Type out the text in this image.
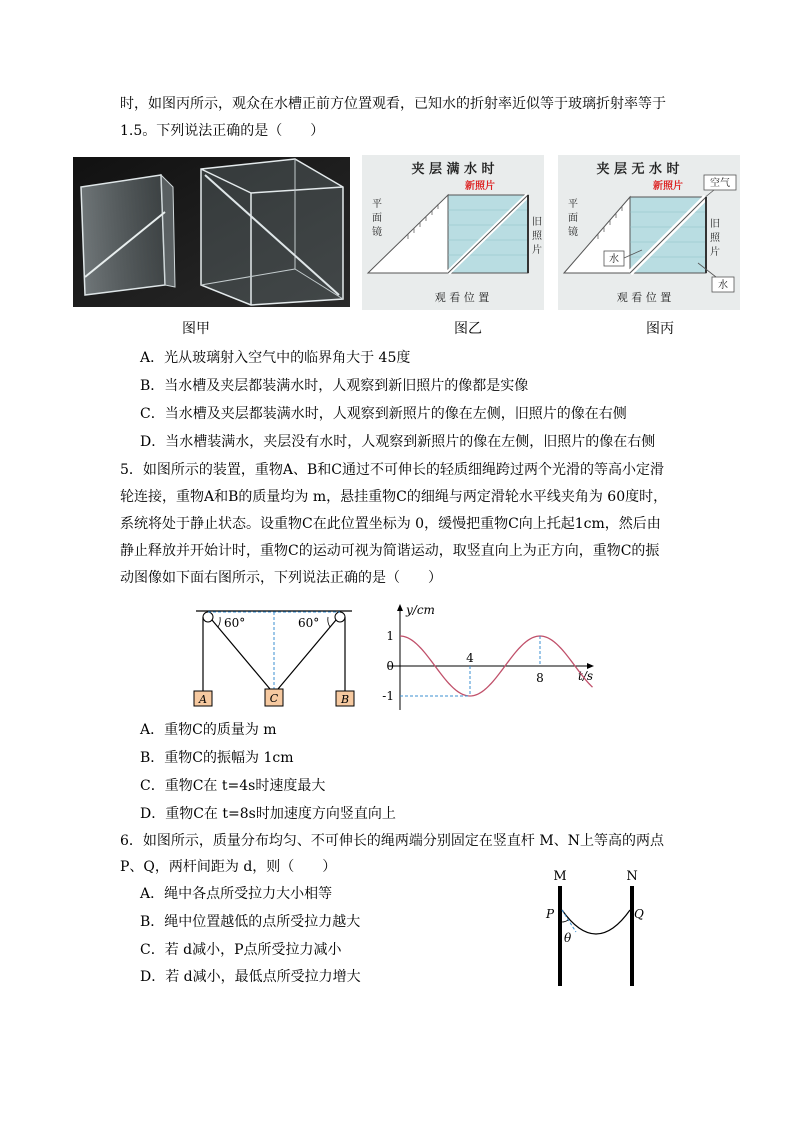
时，如图丙所示，观众在水槽正前方位置观看，已知水的折射率近似等于玻璃折射率等于
1.5。下列说法正确的是（　　）
图甲
夹 层 满 水 时
新照片
平
面
镜
旧
照
片
观 看 位 置
图乙
夹 层 无 水 时
新照片	空气
平
面
镜
旧
照
片
水
水
观 看 位 置
图丙
A．光从玻璃射入空气中的临界角大于 45度
B．当水槽及夹层都装满水时，人观察到新旧照片的像都是实像
C．当水槽及夹层都装满水时，人观察到新照片的像在左侧，旧照片的像在右侧
D．当水槽装满水，夹层没有水时，人观察到新照片的像在左侧，旧照片的像在右侧
5．如图所示的装置，重物A、B和C通过不可伸长的轻质细绳跨过两个光滑的等高小定滑
轮连接，重物A和B的质量均为 m，悬挂重物C的细绳与两定滑轮水平线夹角为 60度时，
系统将处于静止状态。设重物C在此位置坐标为 0，缓慢把重物C向上托起1cm，然后由
静止释放并开始计时，重物C的运动可视为简谐运动，取竖直向上为正方向，重物C的振
动图像如下面右图所示，下列说法正确的是（　　）
60°	60°
A	C	B
y/cm
t/s
1
0
-1
4
8
A．重物C的质量为 m
B．重物C的振幅为 1cm
C．重物C在 t=4s时速度最大
D．重物C在 t=8s时加速度方向竖直向上
6．如图所示，质量分布均匀、不可伸长的绳两端分别固定在竖直杆 M、N上等高的两点
P、Q，两杆间距为 d，则（　　）
A．绳中各点所受拉力大小相等
B．绳中位置越低的点所受拉力越大
C．若 d减小，P点所受拉力减小
D．若 d减小，最低点所受拉力增大
M	N
P	Q
θ
